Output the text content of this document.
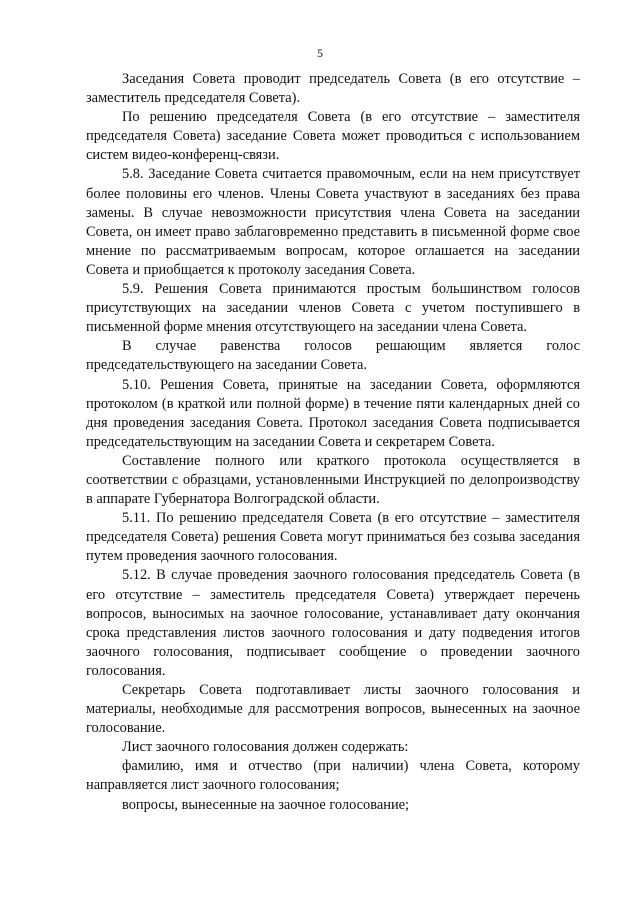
5

Заседания Совета проводит председатель Совета (в его отсутствие – заместитель председателя Совета).

По решению председателя Совета (в его отсутствие – заместителя председателя Совета) заседание Совета может проводиться с использованием систем видео-конференц-связи.

5.8. Заседание Совета считается правомочным, если на нем присутствует более половины его членов. Члены Совета участвуют в заседаниях без права замены. В случае невозможности присутствия члена Совета на заседании Совета, он имеет право заблаговременно представить в письменной форме свое мнение по рассматриваемым вопросам, которое оглашается на заседании Совета и приобщается к протоколу заседания Совета.

5.9. Решения Совета принимаются простым большинством голосов присутствующих на заседании членов Совета с учетом поступившего в письменной форме мнения отсутствующего на заседании члена Совета.

В случае равенства голосов решающим является голос председательствующего на заседании Совета.

5.10. Решения Совета, принятые на заседании Совета, оформляются протоколом (в краткой или полной форме) в течение пяти календарных дней со дня проведения заседания Совета. Протокол заседания Совета подписывается председательствующим на заседании Совета и секретарем Совета.

Составление полного или краткого протокола осуществляется в соответствии с образцами, установленными Инструкцией по делопроизводству в аппарате Губернатора Волгоградской области.

5.11. По решению председателя Совета (в его отсутствие – заместителя председателя Совета) решения Совета могут приниматься без созыва заседания путем проведения заочного голосования.

5.12. В случае проведения заочного голосования председатель Совета (в его отсутствие – заместитель председателя Совета) утверждает перечень вопросов, выносимых на заочное голосование, устанавливает дату окончания срока представления листов заочного голосования и дату подведения итогов заочного голосования, подписывает сообщение о проведении заочного голосования.

Секретарь Совета подготавливает листы заочного голосования и материалы, необходимые для рассмотрения вопросов, вынесенных на заочное голосование.

Лист заочного голосования должен содержать:

фамилию, имя и отчество (при наличии) члена Совета, которому направляется лист заочного голосования;

вопросы, вынесенные на заочное голосование;
